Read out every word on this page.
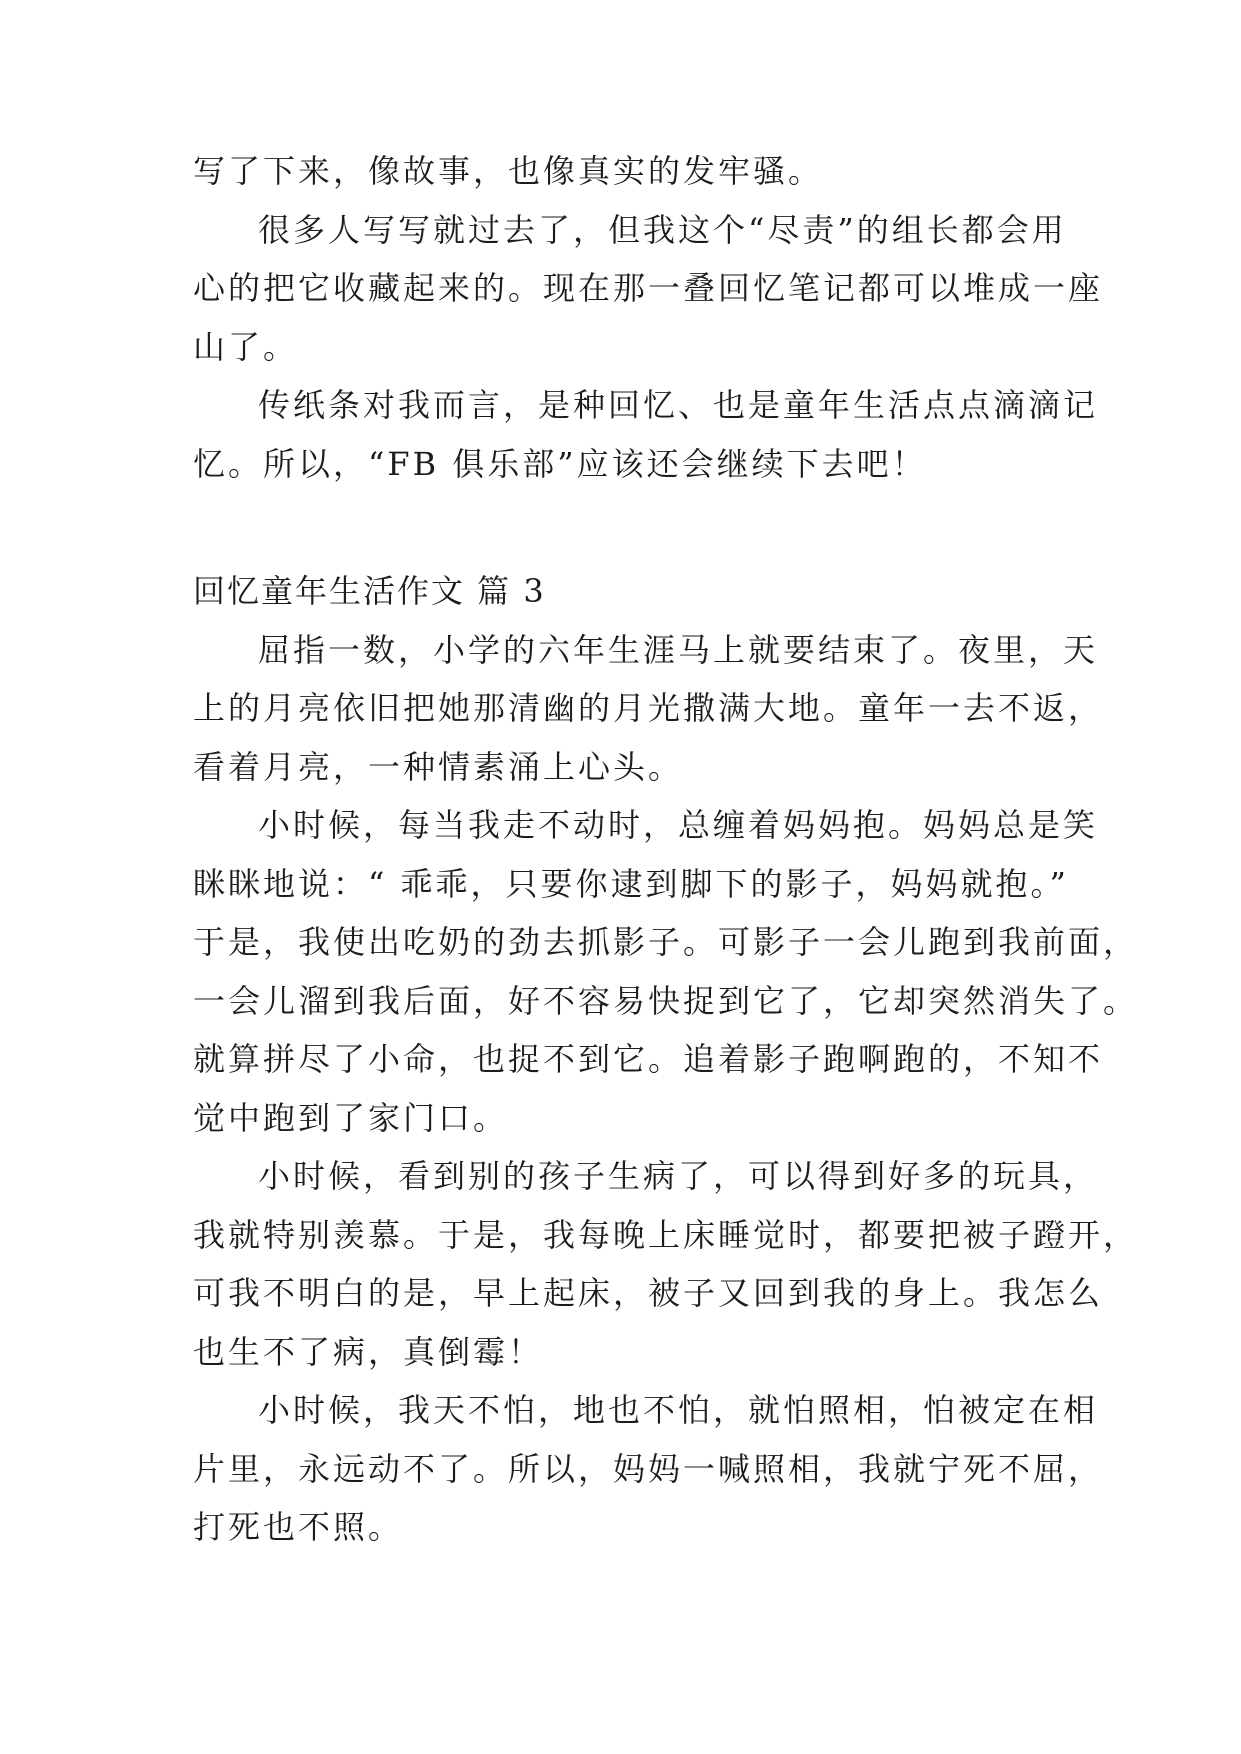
写了下来，像故事，也像真实的发牢骚。
很多人写写就过去了，但我这个“尽责”的组长都会用
心的把它收藏起来的。现在那一叠回忆笔记都可以堆成一座
山了。
传纸条对我而言，是种回忆、也是童年生活点点滴滴记
忆。所以，“FB 俱乐部”应该还会继续下去吧！
回忆童年生活作文 篇 3
屈指一数，小学的六年生涯马上就要结束了。夜里，天
上的月亮依旧把她那清幽的月光撒满大地。童年一去不返，
看着月亮，一种情素涌上心头。
小时候，每当我走不动时，总缠着妈妈抱。妈妈总是笑
眯眯地说：“ 乖乖，只要你逮到脚下的影子，妈妈就抱。”
于是，我使出吃奶的劲去抓影子。可影子一会儿跑到我前面，
一会儿溜到我后面，好不容易快捉到它了，它却突然消失了。
就算拼尽了小命，也捉不到它。追着影子跑啊跑的，不知不
觉中跑到了家门口。
小时候，看到别的孩子生病了，可以得到好多的玩具，
我就特别羡慕。于是，我每晚上床睡觉时，都要把被子蹬开，
可我不明白的是，早上起床，被子又回到我的身上。我怎么
也生不了病，真倒霉！
小时候，我天不怕，地也不怕，就怕照相，怕被定在相
片里，永远动不了。所以，妈妈一喊照相，我就宁死不屈，
打死也不照。
